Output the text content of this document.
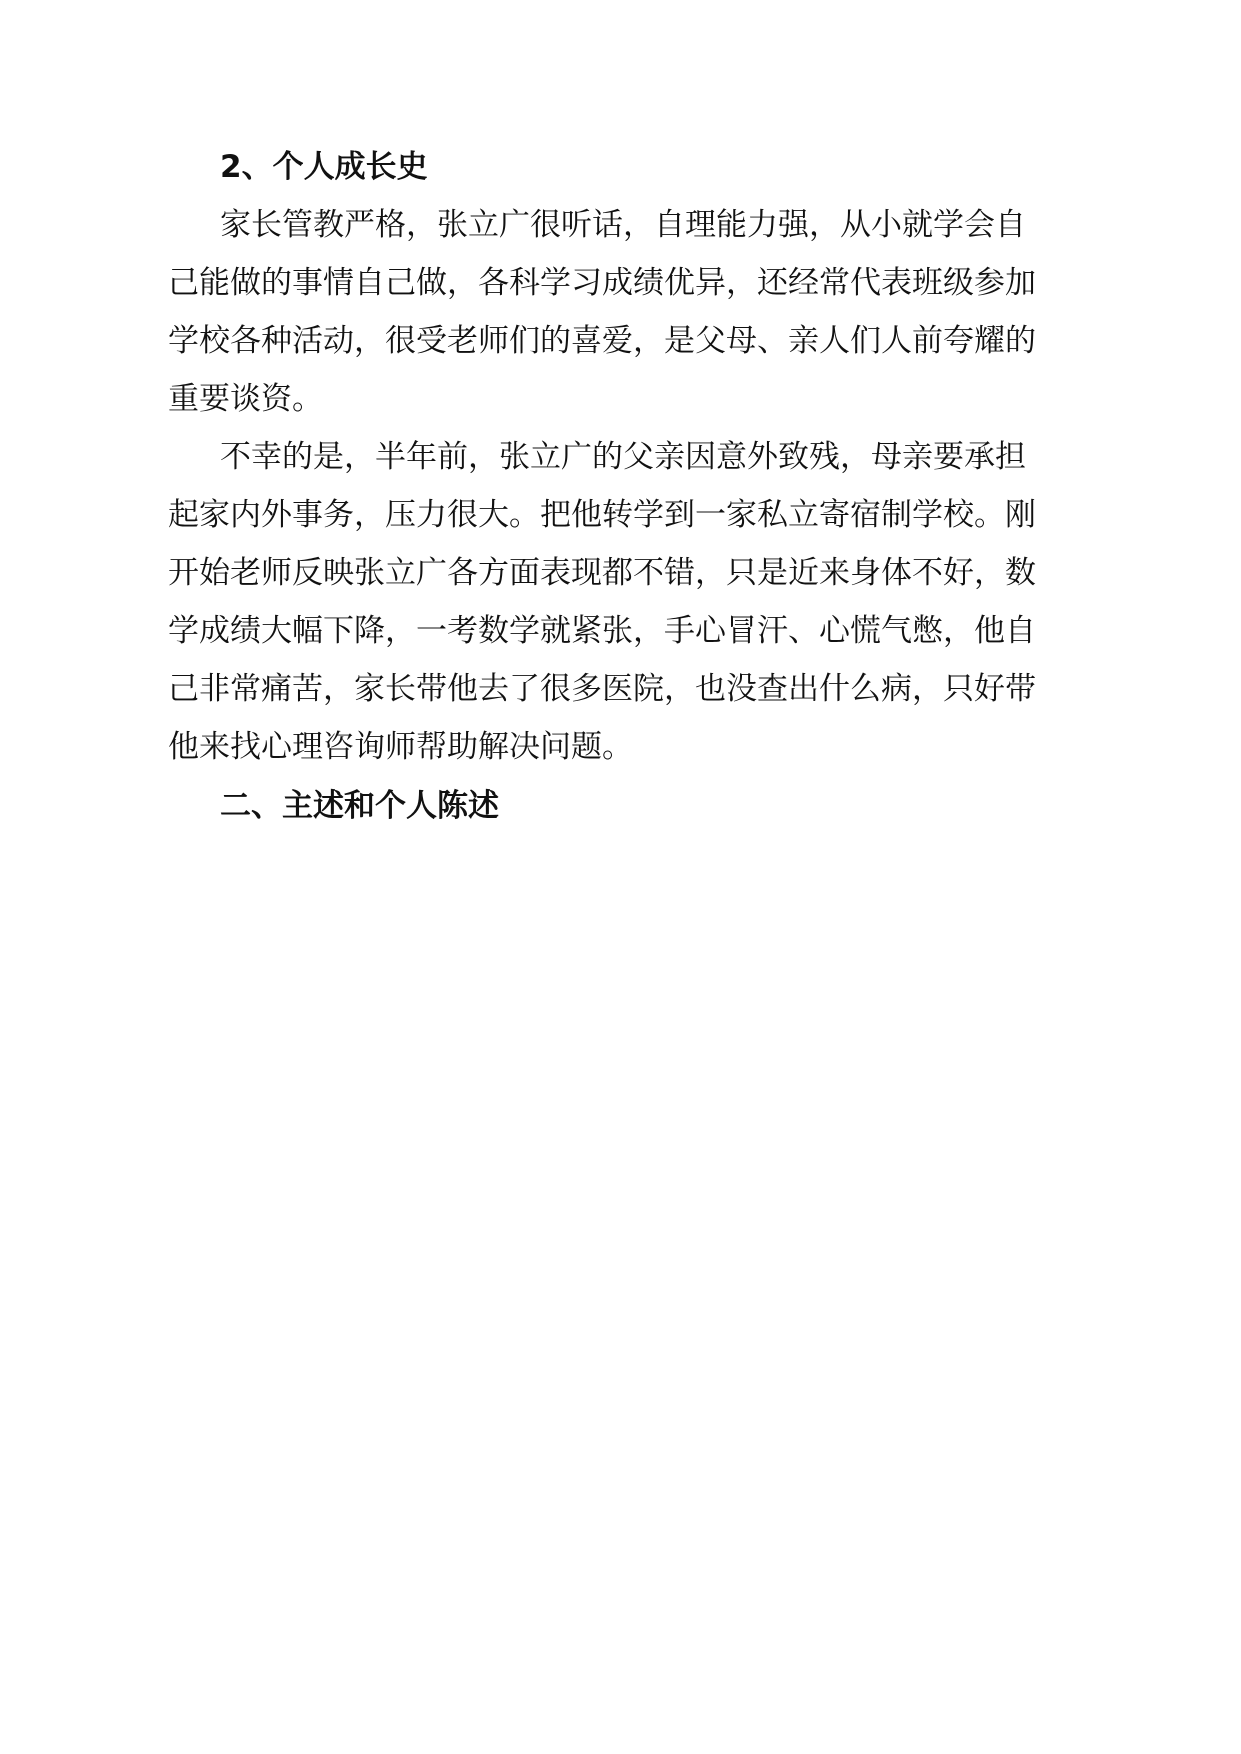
2、个人成长史
家长管教严格，张立广很听话，自理能力强，从小就学会自
己能做的事情自己做，各科学习成绩优异，还经常代表班级参加
学校各种活动，很受老师们的喜爱，是父母、亲人们人前夸耀的
重要谈资。
不幸的是，半年前，张立广的父亲因意外致残，母亲要承担
起家内外事务，压力很大。把他转学到一家私立寄宿制学校。刚
开始老师反映张立广各方面表现都不错，只是近来身体不好，数
学成绩大幅下降，一考数学就紧张，手心冒汗、心慌气憋，他自
己非常痛苦，家长带他去了很多医院，也没查出什么病，只好带
他来找心理咨询师帮助解决问题。
二、主述和个人陈述
